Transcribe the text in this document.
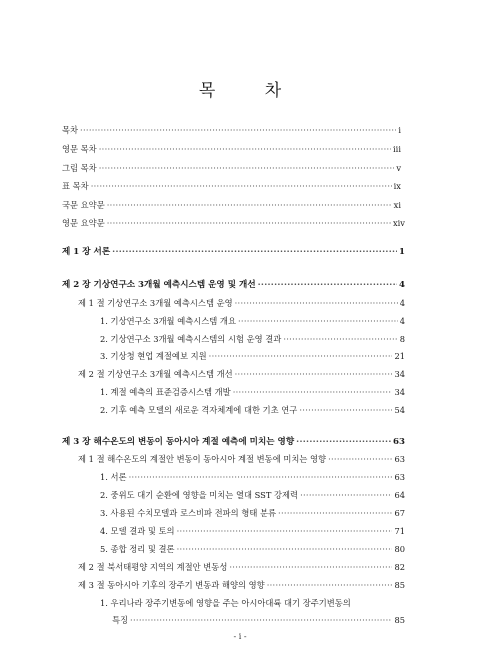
목 차
목차 ·····	i
영문 목차 ·····	iii
그림 목차 ·····	v
표 목차 ·····	ix
국문 요약문 ·····	xi
영문 요약문 ·····	xiv
제 1 장 서론 ·····	1
제 2 장 기상연구소 3개월 예측시스템 운영 및 개선 ·····	4
제 1 절 기상연구소 3개월 예측시스템 운영 ·····	4
1. 기상연구소 3개월 예측시스템 개요 ·····	4
2. 기상연구소 3개월 예측시스템의 시험 운영 결과 ·····	8
3. 기상청 현업 계절예보 지원 ·····	21
제 2 절 기상연구소 3개월 예측시스템 개선 ·····	34
1. 계절 예측의 표준검증시스템 개발 ·····	34
2. 기후 예측 모델의 새로운 격자체계에 대한 기초 연구 ·····	54
제 3 장 해수온도의 변동이 동아시아 계절 예측에 미치는 영향 ·····	63
제 1 절 해수온도의 계절안 변동이 동아시아 계절 변동에 미치는 영향 ·····	63
1. 서론 ·····	63
2. 중위도 대기 순환에 영향을 미치는 열대 SST 강제력 ·····	64
3. 사용된 수치모델과 로스비파 전파의 형태 분류 ·····	67
4. 모델 결과 및 토의 ·····	71
5. 종합 정리 및 결론 ·····	80
제 2 절 북서태평양 지역의 계절안 변동성 ·····	82
제 3 절 동아시아 기후의 장주기 변동과 해양의 영향 ·····	85
1. 우리나라 장주기변동에 영향을 주는 아시아대륙 대기 장주기변동의
특징 ·····	85
- i -
